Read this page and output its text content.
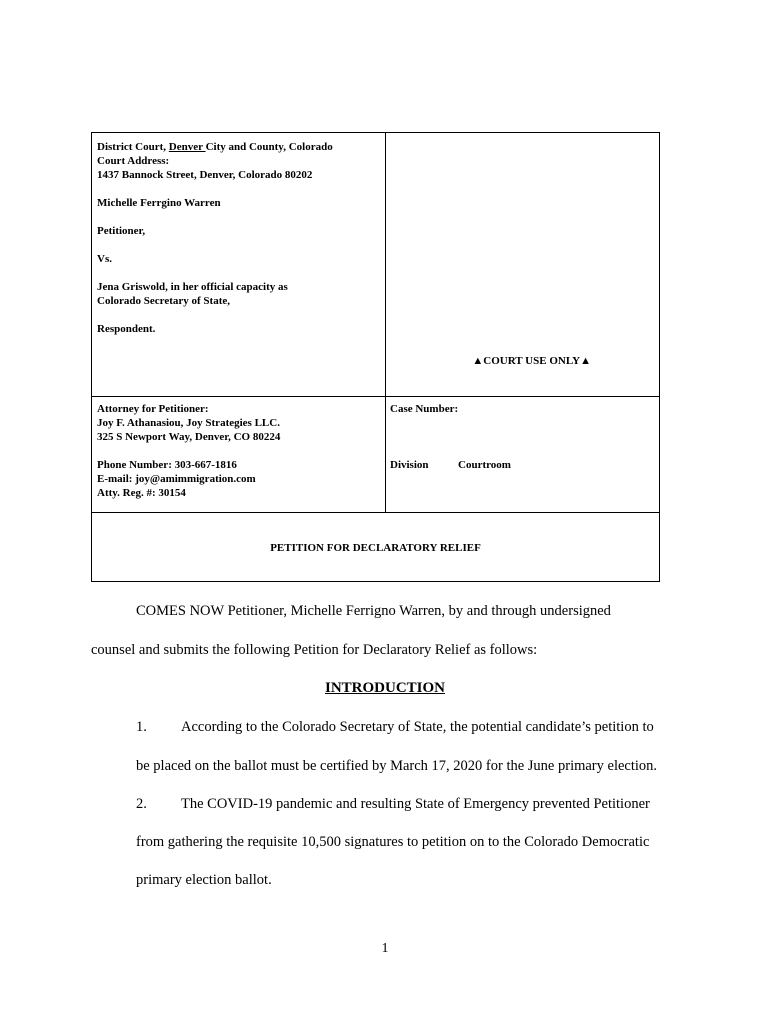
District Court, Denver City and County, Colorado
Court Address:
1437 Bannock Street, Denver, Colorado 80202
Michelle Ferrgino Warren
Petitioner,
Vs.
Jena Griswold, in her official capacity as
Colorado Secretary of State,
Respondent.
▲COURT USE ONLY▲
Attorney for Petitioner:
Joy F. Athanasiou, Joy Strategies LLC.
325 S Newport Way, Denver, CO 80224
Phone Number: 303-667-1816
E-mail: joy@amimmigration.com
Atty. Reg. #: 30154
Case Number:
Division	Courtroom
PETITION FOR DECLARATORY RELIEF
COMES NOW Petitioner, Michelle Ferrigno Warren, by and through undersigned
counsel and submits the following Petition for Declaratory Relief as follows:
INTRODUCTION
1. According to the Colorado Secretary of State, the potential candidate’s petition to
be placed on the ballot must be certified by March 17, 2020 for the June primary election.
2. The COVID-19 pandemic and resulting State of Emergency prevented Petitioner
from gathering the requisite 10,500 signatures to petition on to the Colorado Democratic
primary election ballot.
1
